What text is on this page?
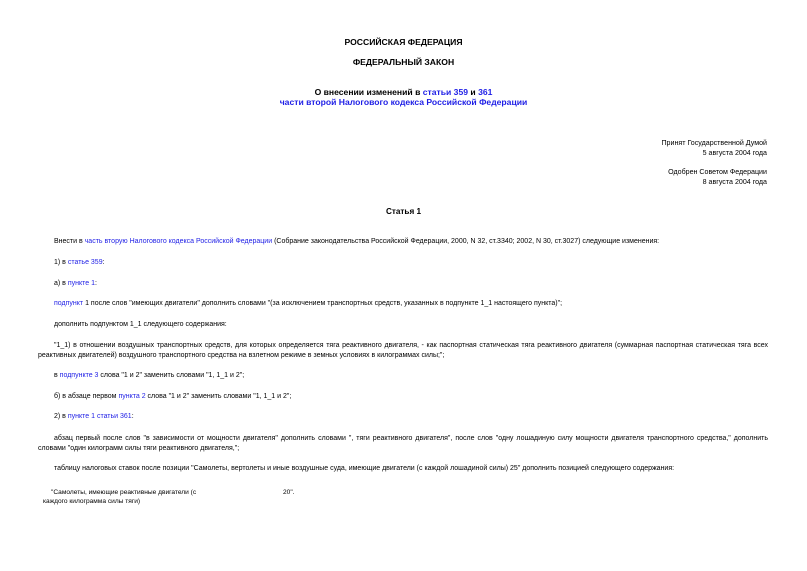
РОССИЙСКАЯ ФЕДЕРАЦИЯ
ФЕДЕРАЛЬНЫЙ ЗАКОН
О внесении изменений в статьи 359 и 361
части второй Налогового кодекса Российской Федерации
Принят Государственной Думой
5 августа 2004 года
Одобрен Советом Федерации
8 августа 2004 года
Статья 1
Внести в часть вторую Налогового кодекса Российской Федерации (Собрание законодательства Российской Федерации, 2000, N 32, ст.3340; 2002, N 30, ст.3027) следующие изменения:
1) в статье 359:
а) в пункте 1:
подпункт 1 после слов "имеющих двигатели" дополнить словами "(за исключением транспортных средств, указанных в подпункте 1_1 настоящего пункта)";
дополнить подпунктом 1_1 следующего содержания:
"1_1) в отношении воздушных транспортных средств, для которых определяется тяга реактивного двигателя, - как паспортная статическая тяга реактивного двигателя (суммарная паспортная статическая тяга всех реактивных двигателей) воздушного транспортного средства на взлетном режиме в земных условиях в килограммах силы;";
в подпункте 3 слова "1 и 2" заменить словами "1, 1_1 и 2";
б) в абзаце первом пункта 2 слова "1 и 2" заменить словами "1, 1_1 и 2";
2) в пункте 1 статьи 361:
абзац первый после слов "в зависимости от мощности двигателя" дополнить словами ", тяги реактивного двигателя", после слов "одну лошадиную силу мощности двигателя транспортного средства," дополнить словами "один килограмм силы тяги реактивного двигателя,";
таблицу налоговых ставок после позиции "Самолеты, вертолеты и иные воздушные суда, имеющие двигатели (с каждой лошадиной силы) 25" дополнить позицией следующего содержания:
"Самолеты, имеющие реактивные двигатели (с
каждого килограмма силы тяги)
20".
